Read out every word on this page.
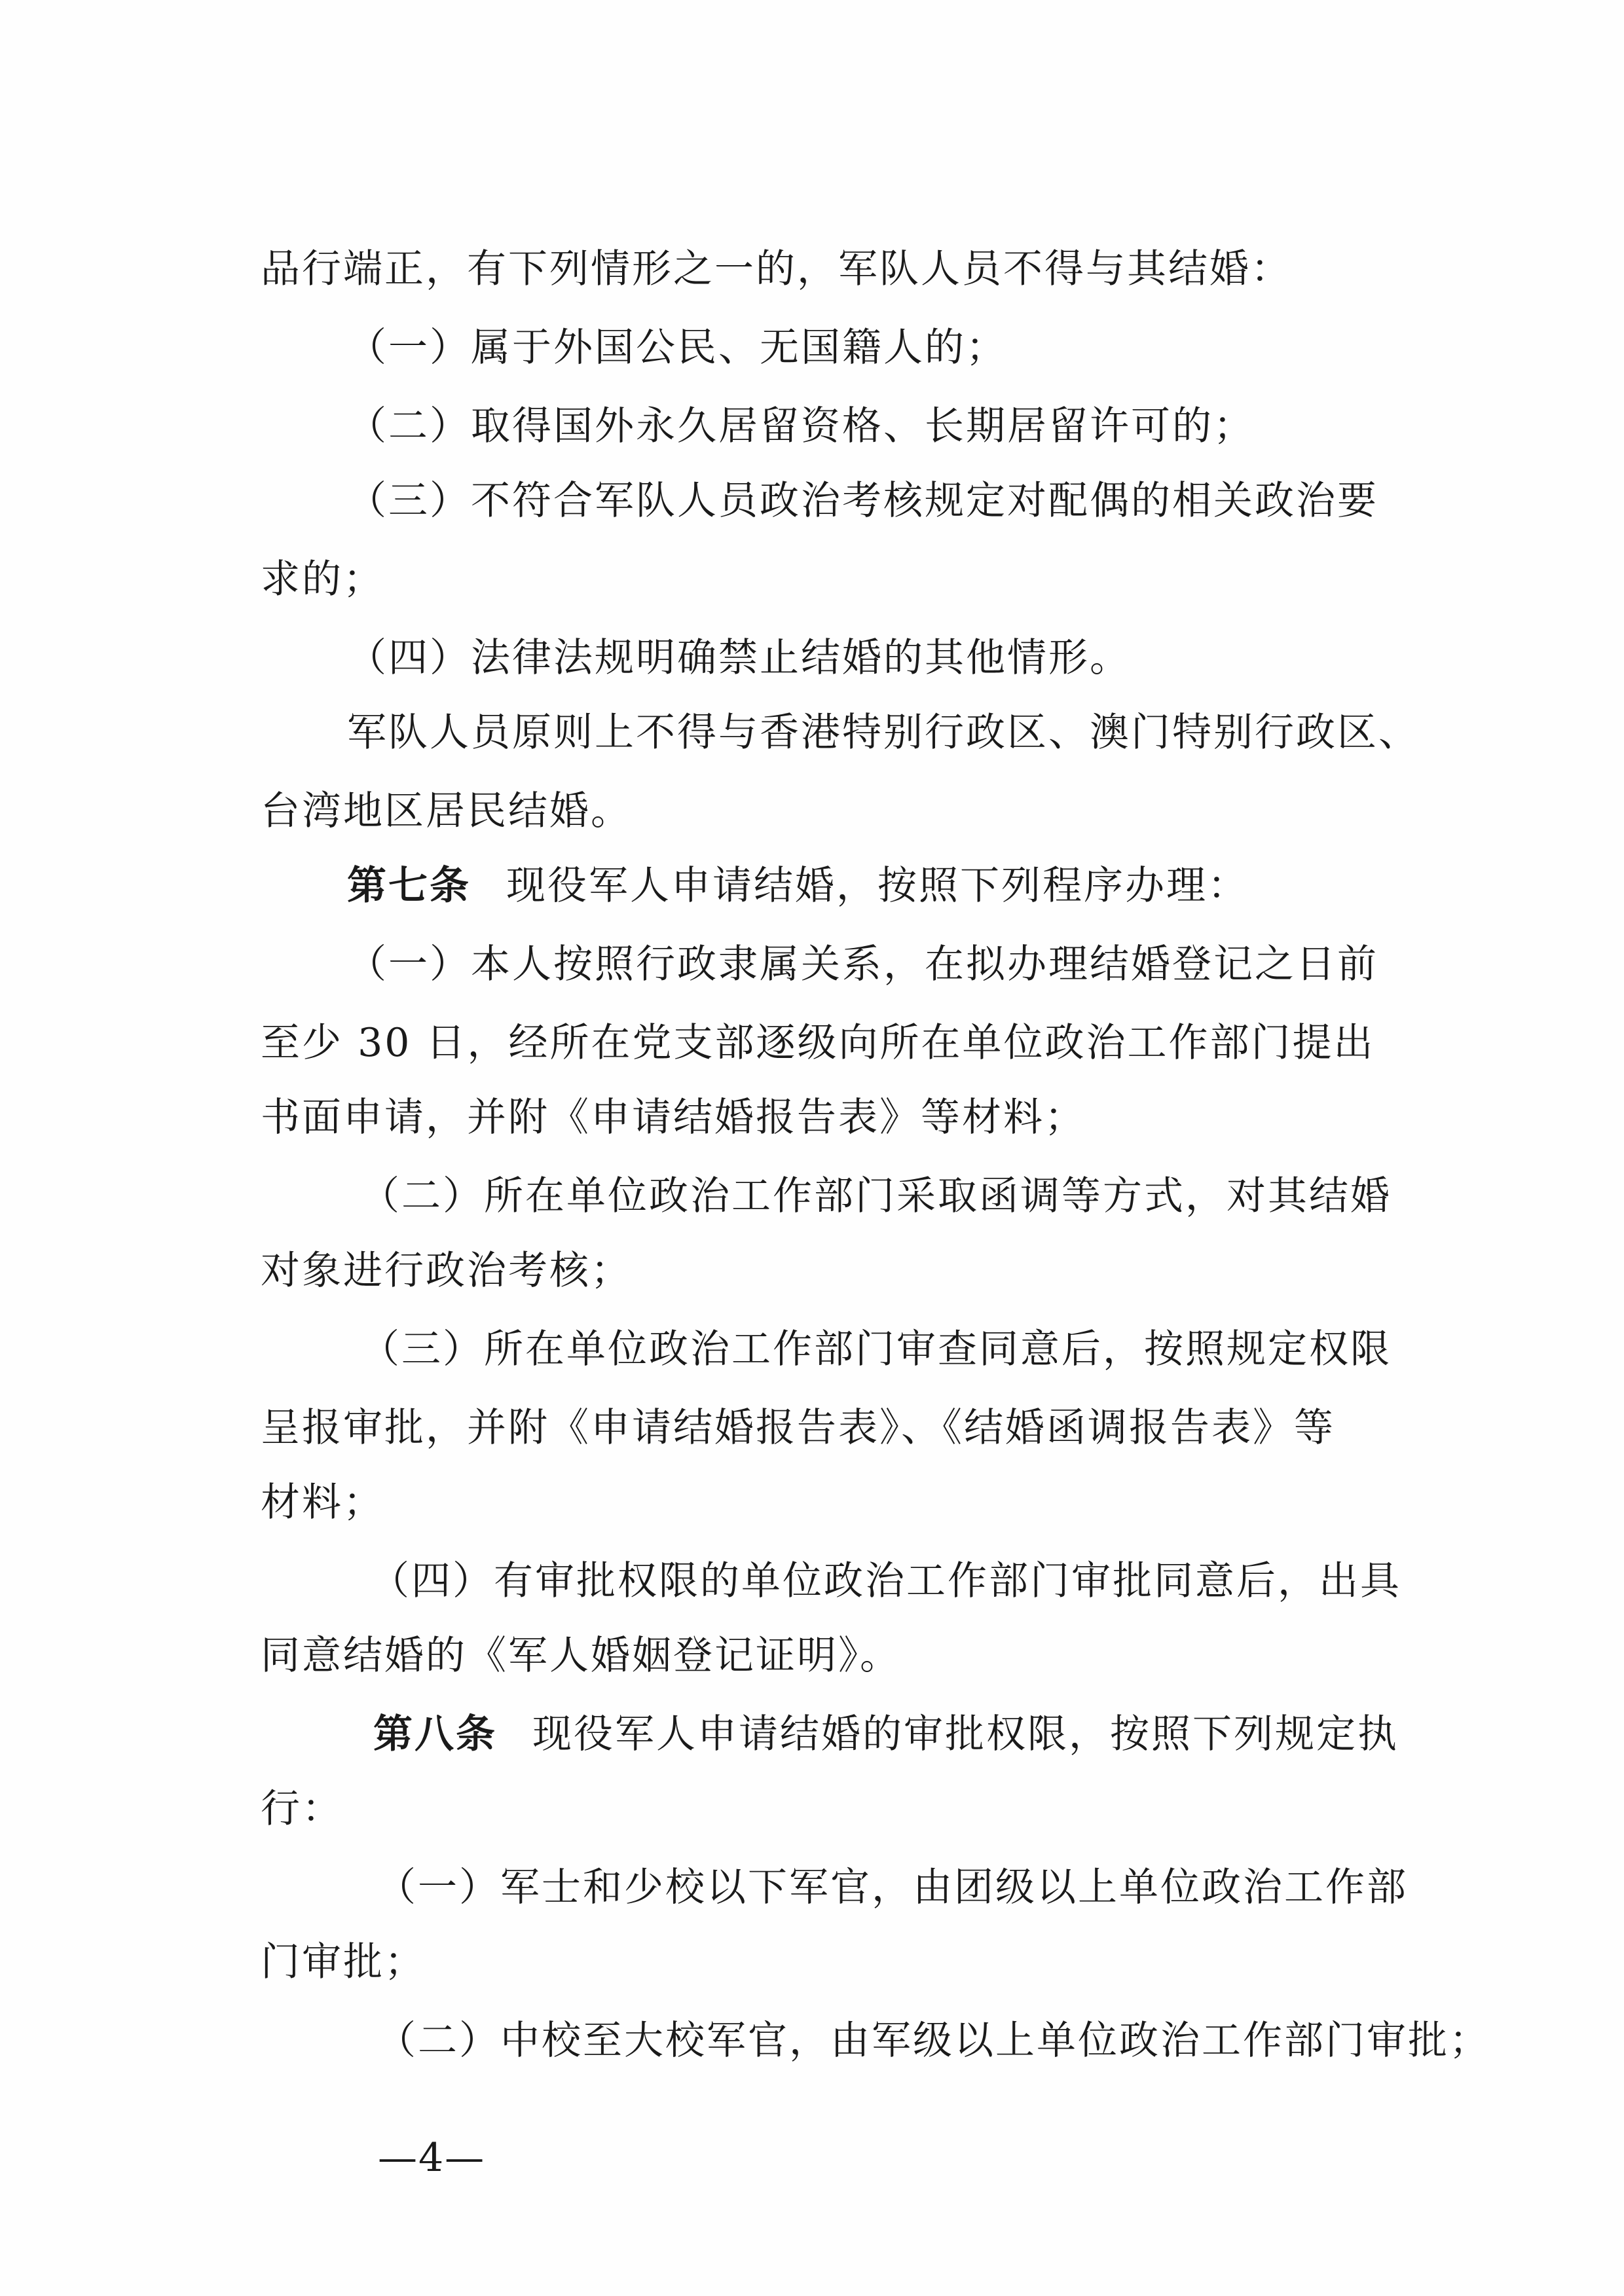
品行端正，有下列情形之一的，军队人员不得与其结婚：

（一）属于外国公民、无国籍人的；

（二）取得国外永久居留资格、长期居留许可的；

（三）不符合军队人员政治考核规定对配偶的相关政治要

求的；

（四）法律法规明确禁止结婚的其他情形。

军队人员原则上不得与香港特别行政区、澳门特别行政区、

台湾地区居民结婚。

第七条 现役军人申请结婚，按照下列程序办理：

（一）本人按照行政隶属关系，在拟办理结婚登记之日前

至少 30 日，经所在党支部逐级向所在单位政治工作部门提出

书面申请，并附《申请结婚报告表》等材料；

（二）所在单位政治工作部门采取函调等方式，对其结婚

对象进行政治考核；

（三）所在单位政治工作部门审查同意后，按照规定权限

呈报审批，并附《申请结婚报告表》、《结婚函调报告表》等

材料；

（四）有审批权限的单位政治工作部门审批同意后，出具

同意结婚的《军人婚姻登记证明》。

第八条 现役军人申请结婚的审批权限，按照下列规定执

行：

（一）军士和少校以下军官，由团级以上单位政治工作部

门审批；

（二）中校至大校军官，由军级以上单位政治工作部门审批；

—4—
